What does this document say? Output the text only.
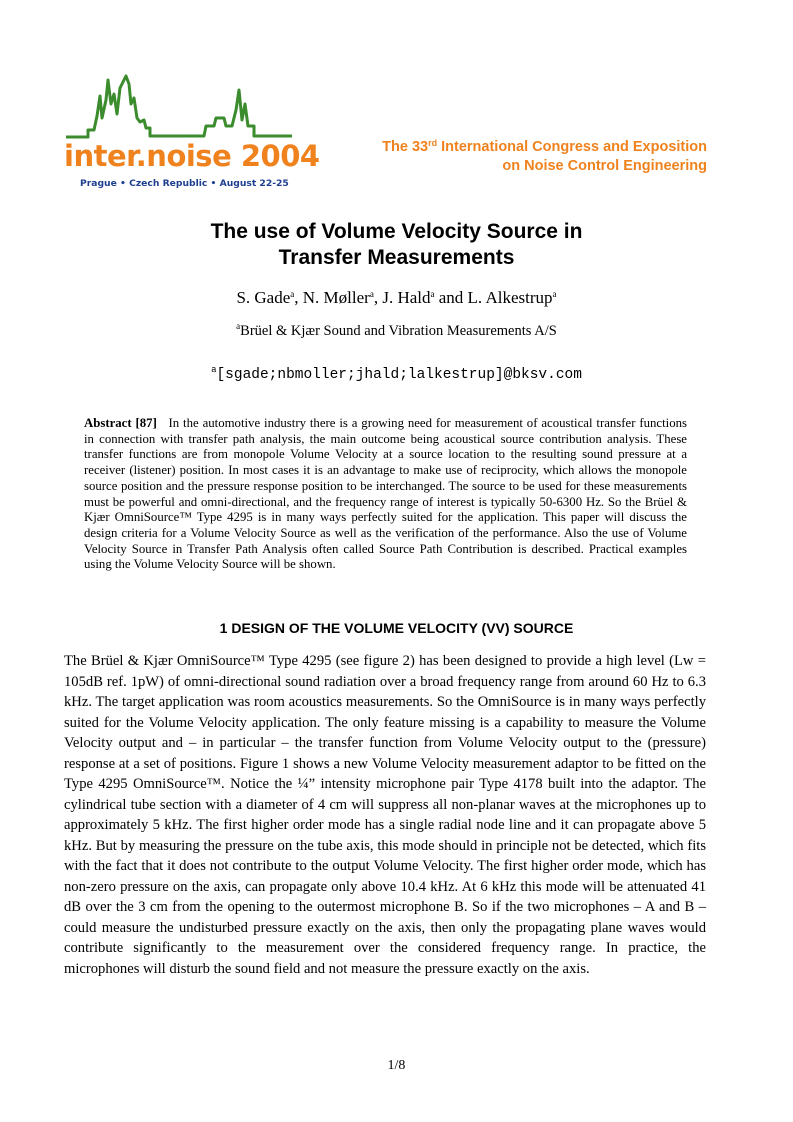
inter.noise 2004
Prague • Czech Republic • August 22-25
The 33rd International Congress and Exposition
on Noise Control Engineering
The use of Volume Velocity Source in
Transfer Measurements
S. Gade$^a$, N. Møller$^a$, J. Hald$^a$ and L. Alkestrup$^a$
$^a$Brüel & Kjær Sound and Vibration Measurements A/S
$^a$[sgade;nbmoller;jhald;lalkestrup]@bksv.com
Abstract [87] In the automotive industry there is a growing need for measurement of acoustical transfer functions in connection with transfer path analysis, the main outcome being acoustical source contribution analysis. These transfer functions are from monopole Volume Velocity at a source location to the resulting sound pressure at a receiver (listener) position. In most cases it is an advantage to make use of reciprocity, which allows the monopole source position and the pressure response position to be interchanged. The source to be used for these measurements must be powerful and omni-directional, and the frequency range of interest is typically 50-6300 Hz. So the Brüel & Kjær OmniSource™ Type 4295 is in many ways perfectly suited for the application. This paper will discuss the design criteria for a Volume Velocity Source as well as the verification of the performance. Also the use of Volume Velocity Source in Transfer Path Analysis often called Source Path Contribution is described. Practical examples using the Volume Velocity Source will be shown.
1 DESIGN OF THE VOLUME VELOCITY (VV) SOURCE
The Brüel & Kjær OmniSource™ Type 4295 (see figure 2) has been designed to provide a high level (Lw = 105dB ref. 1pW) of omni-directional sound radiation over a broad frequency range from around 60 Hz to 6.3 kHz. The target application was room acoustics measurements. So the OmniSource is in many ways perfectly suited for the Volume Velocity application. The only feature missing is a capability to measure the Volume Velocity output and – in particular – the transfer function from Volume Velocity output to the (pressure) response at a set of positions. Figure 1 shows a new Volume Velocity measurement adaptor to be fitted on the Type 4295 OmniSource™. Notice the ¼” intensity microphone pair Type 4178 built into the adaptor. The cylindrical tube section with a diameter of 4 cm will suppress all non-planar waves at the microphones up to approximately 5 kHz. The first higher order mode has a single radial node line and it can propagate above 5 kHz. But by measuring the pressure on the tube axis, this mode should in principle not be detected, which fits with the fact that it does not contribute to the output Volume Velocity. The first higher order mode, which has non-zero pressure on the axis, can propagate only above 10.4 kHz. At 6 kHz this mode will be attenuated 41 dB over the 3 cm from the opening to the outermost microphone B. So if the two microphones – A and B – could measure the undisturbed pressure exactly on the axis, then only the propagating plane waves would contribute significantly to the measurement over the considered frequency range. In practice, the microphones will disturb the sound field and not measure the pressure exactly on the axis.
1/8
